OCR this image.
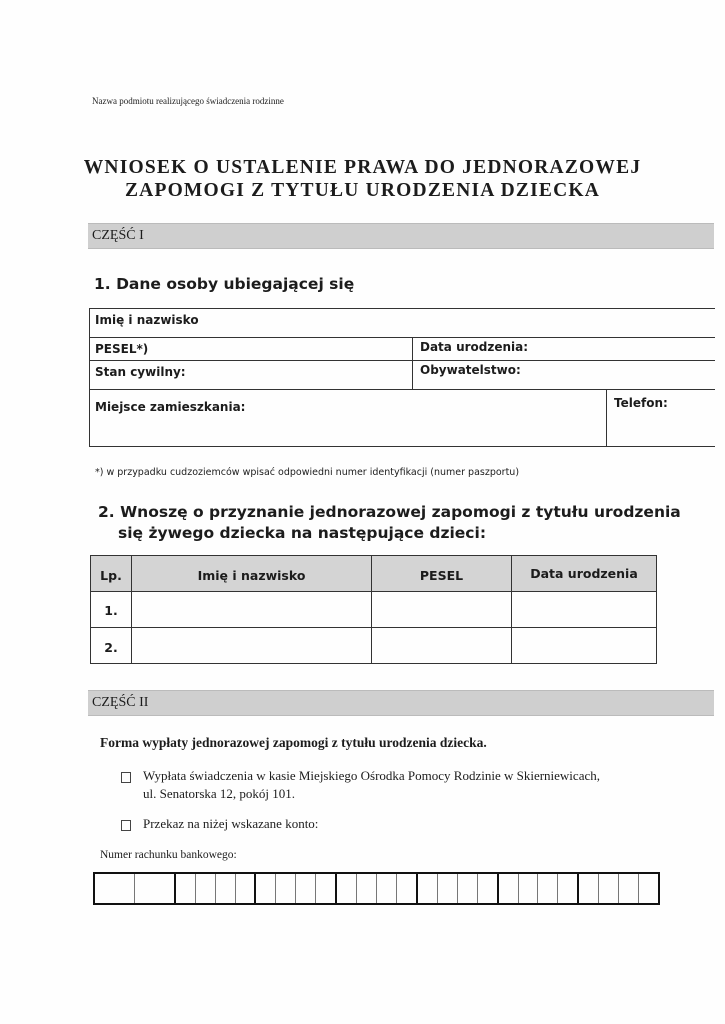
Nazwa podmiotu realizującego świadczenia rodzinne
WNIOSEK O USTALENIE PRAWA DO JEDNORAZOWEJ
ZAPOMOGI Z TYTUŁU URODZENIA DZIECKA
CZĘŚĆ I
1. Dane osoby ubiegającej się
Imię i nazwisko
PESEL*)	Data urodzenia:
Stan cywilny:	Obywatelstwo:
Miejsce zamieszkania:	Telefon:
*) w przypadku cudzoziemców wpisać odpowiedni numer identyfikacji (numer paszportu)
2. Wnoszę o przyznanie jednorazowej zapomogi z tytułu urodzenia
się żywego dziecka na następujące dzieci:
Lp.	Imię i nazwisko	PESEL	Data urodzenia
1.
2.
CZĘŚĆ II
Forma wypłaty jednorazowej zapomogi z tytułu urodzenia dziecka.
Wypłata świadczenia w kasie Miejskiego Ośrodka Pomocy Rodzinie w Skierniewicach,
ul. Senatorska 12, pokój 101.
Przekaz na niżej wskazane konto:
Numer rachunku bankowego:
